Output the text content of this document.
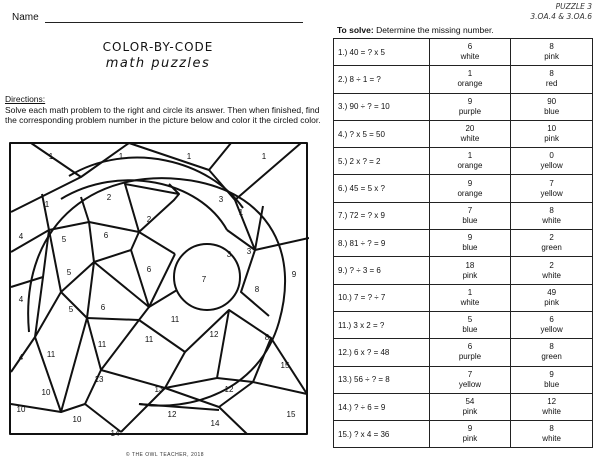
Name
PUZZLE 3
3.OA.4 & 3.OA.6
COLOR-BY-CODE
math puzzles
Directions:
Solve each math problem to the right and circle its answer. Then when finished, find the corresponding problem number in the picture below and color it the circled color.
1	1	1	1
1
1
2
2
3
3 3
4
4
4
5
5
5
6
6
6
7
8
8
9
10
10
10
11
11
11
11
12
12
12
13
13
14
14
15
15
© THE OWL TEACHER, 2018
To solve: Determine the missing number.
1.) 40 = ? x 5	6
white	8
pink

2.) 8 ÷ 1 = ?	1
orange	8
red

3.) 90 ÷ ? = 10	9
purple	90
blue

4.) ? x 5 = 50	20
white	10
pink

5.) 2 x ? = 2	1
orange	0
yellow

6.) 45 = 5 x ?	9
orange	7
yellow

7.) 72 = ? x 9	7
blue	8
white

8.) 81 ÷ ? = 9	9
blue	2
green

9.) ? ÷ 3 = 6	18
pink	2
white

10.) 7 = ? ÷ 7	1
white	49
pink

11.) 3 x 2 = ?	5
blue	6
yellow

12.) 6 x ? = 48	6
purple	8
green

13.) 56 ÷ ? = 8	7
yellow	9
blue

14.) ? ÷ 6 = 9	54
pink	12
white

15.) ? x 4 = 36	9
pink	8
white
